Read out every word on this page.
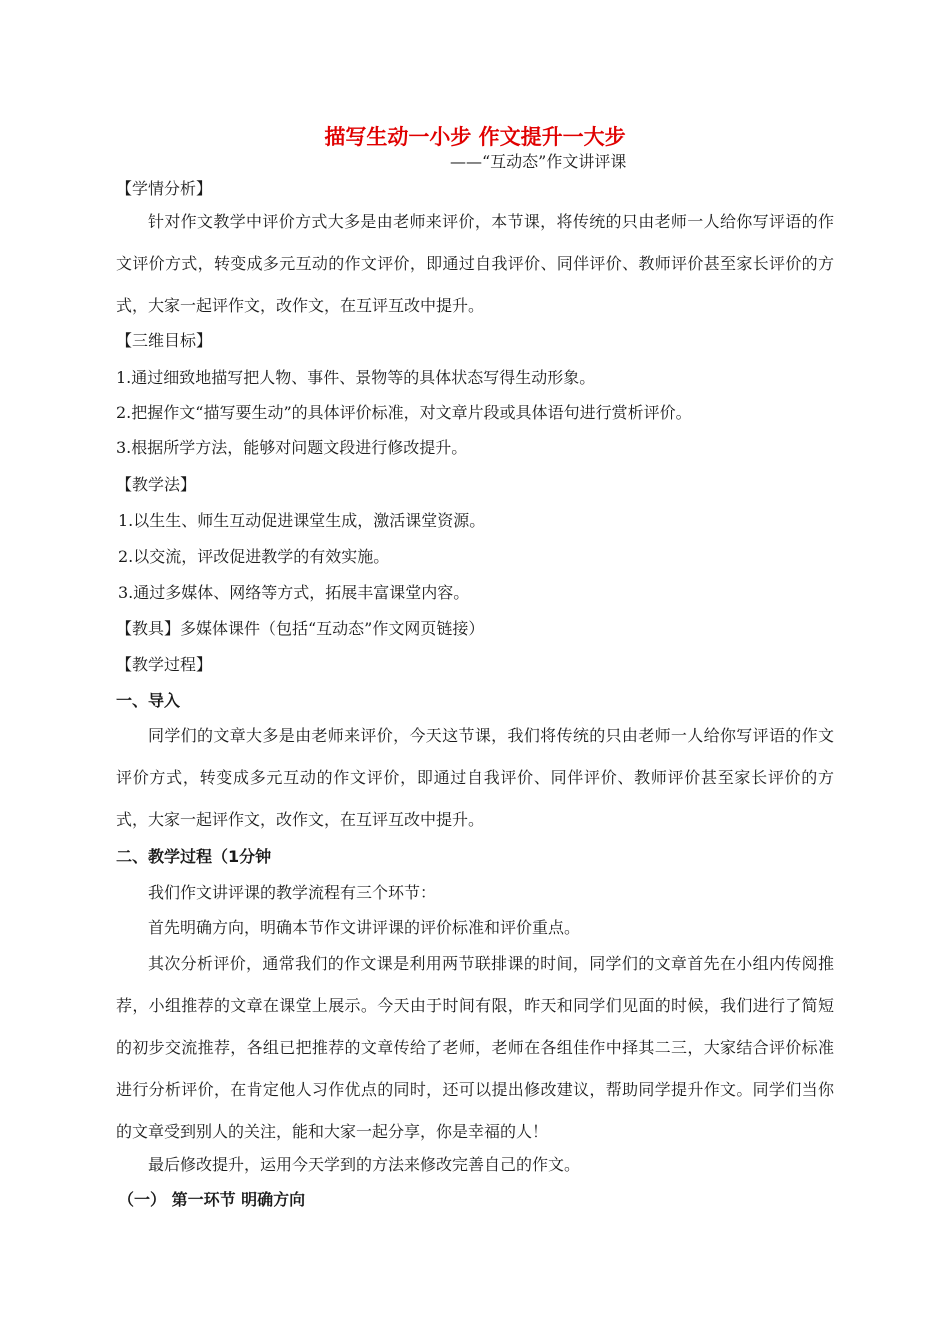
描写生动一小步 作文提升一大步
——“互动态”作文讲评课
【学情分析】
针对作文教学中评价方式大多是由老师来评价，本节课，将传统的只由老师一人给你写评语的作文评价方式，转变成多元互动的作文评价，即通过自我评价、同伴评价、教师评价甚至家长评价的方式，大家一起评作文，改作文，在互评互改中提升。
【三维目标】
1.通过细致地描写把人物、事件、景物等的具体状态写得生动形象。
2.把握作文“描写要生动”的具体评价标准，对文章片段或具体语句进行赏析评价。
3.根据所学方法，能够对问题文段进行修改提升。
【教学法】
1.以生生、师生互动促进课堂生成，激活课堂资源。
2.以交流，评改促进教学的有效实施。
3.通过多媒体、网络等方式，拓展丰富课堂内容。
【教具】多媒体课件（包括“互动态”作文网页链接）
【教学过程】
一、导入
同学们的文章大多是由老师来评价，今天这节课，我们将传统的只由老师一人给你写评语的作文评价方式，转变成多元互动的作文评价，即通过自我评价、同伴评价、教师评价甚至家长评价的方式，大家一起评作文，改作文，在互评互改中提升。
二、教学过程（1分钟
我们作文讲评课的教学流程有三个环节：
首先明确方向，明确本节作文讲评课的评价标准和评价重点。
其次分析评价，通常我们的作文课是利用两节联排课的时间，同学们的文章首先在小组内传阅推荐，小组推荐的文章在课堂上展示。今天由于时间有限，昨天和同学们见面的时候，我们进行了简短的初步交流推荐，各组已把推荐的文章传给了老师，老师在各组佳作中择其二三，大家结合评价标准进行分析评价，在肯定他人习作优点的同时，还可以提出修改建议，帮助同学提升作文。同学们当你的文章受到别人的关注，能和大家一起分享，你是幸福的人！
最后修改提升，运用今天学到的方法来修改完善自己的作文。
（一） 第一环节 明确方向
